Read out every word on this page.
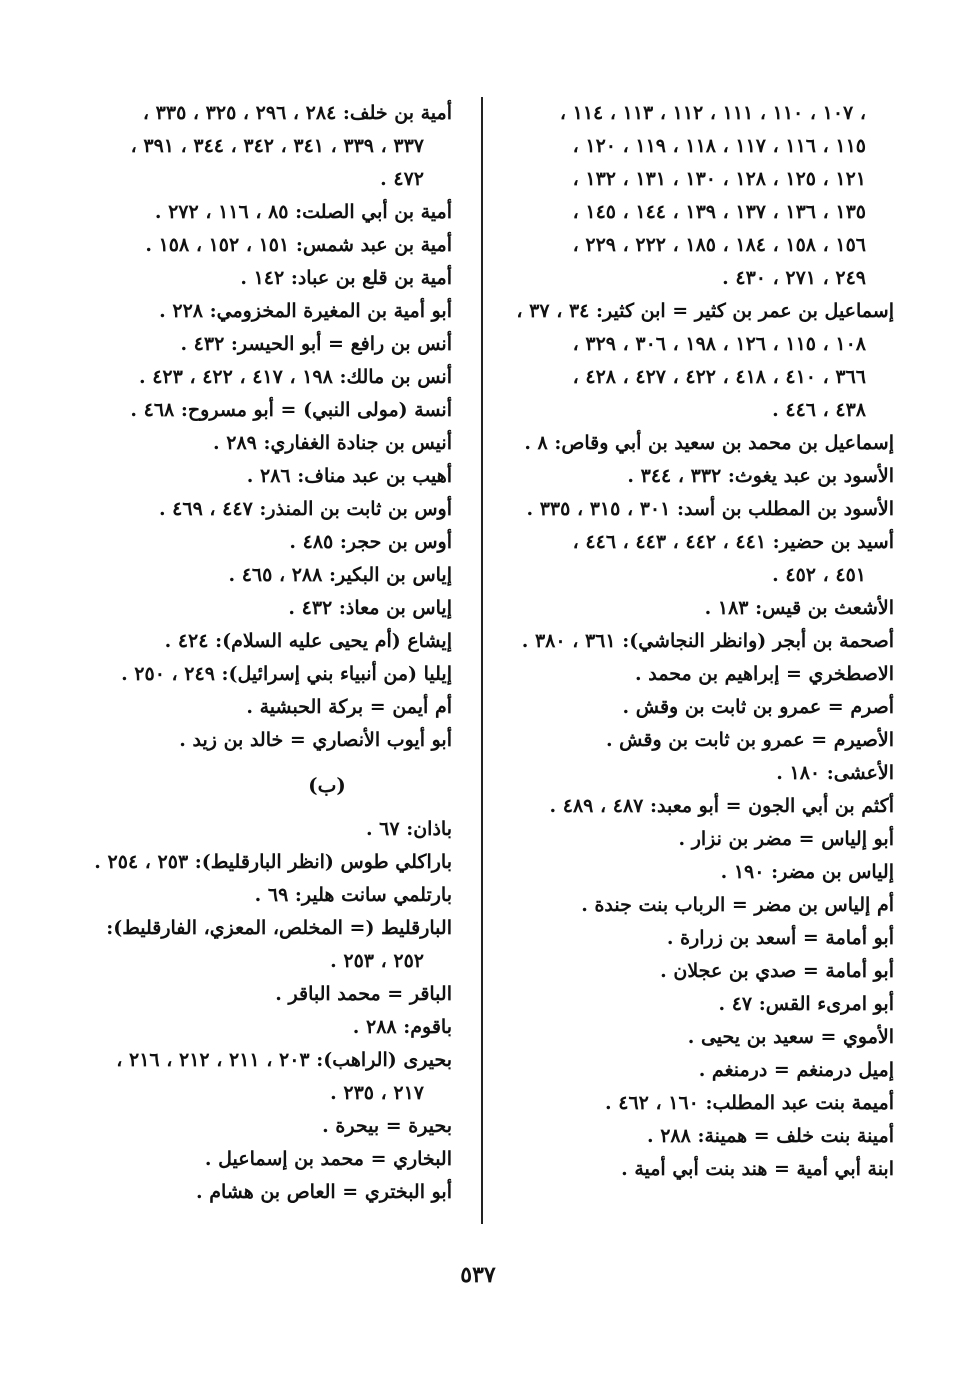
، ١٠٧ ، ١١٠ ، ١١١ ، ١١٢ ، ١١٣ ، ١١٤ ،
١١٥ ، ١١٦ ، ١١٧ ، ١١٨ ، ١١٩ ، ١٢٠ ،
١٢١ ، ١٢٥ ، ١٢٨ ، ١٣٠ ، ١٣١ ، ١٣٢ ،
١٣٥ ، ١٣٦ ، ١٣٧ ، ١٣٩ ، ١٤٤ ، ١٤٥ ،
١٥٦ ، ١٥٨ ، ١٨٤ ، ١٨٥ ، ٢٢٢ ، ٢٢٩ ،
٢٤٩ ، ٢٧١ ، ٤٣٠ .
إسماعيل بن عمر بن كثير = ابن كثير: ٣٤ ، ٣٧ ،
١٠٨ ، ١١٥ ، ١٢٦ ، ١٩٨ ، ٣٠٦ ، ٣٢٩ ،
٣٦٦ ، ٤١٠ ، ٤١٨ ، ٤٢٢ ، ٤٢٧ ، ٤٢٨ ،
٤٣٨ ، ٤٤٦ .
إسماعيل بن محمد بن سعيد بن أبي وقاص: ٨ .
الأسود بن عبد يغوث: ٣٣٢ ، ٣٤٤ .
الأسود بن المطلب بن أسد: ٣٠١ ، ٣١٥ ، ٣٣٥ .
أسيد بن حضير: ٤٤١ ، ٤٤٢ ، ٤٤٣ ، ٤٤٦ ،
٤٥١ ، ٤٥٢ .
الأشعث بن قيس: ١٨٣ .
أصحمة بن أبجر (وانظر النجاشي): ٣٦١ ، ٣٨٠ .
الاصطخري = إبراهيم بن محمد .
أصرم = عمرو بن ثابت بن وقش .
الأصيرم = عمرو بن ثابت بن وقش .
الأعشى: ١٨٠ .
أكثم بن أبي الجون = أبو معبد: ٤٨٧ ، ٤٨٩ .
أبو إلياس = مضر بن نزار .
إلياس بن مضر: ١٩٠ .
أم إلياس بن مضر = الرباب بنت جندة .
أبو أمامة = أسعد بن زرارة .
أبو أمامة = صدي بن عجلان .
أبو امرىء القس: ٤٧ .
الأموي = سعيد بن يحيى .
إميل درمنغم = درمنغم .
أميمة بنت عبد المطلب: ١٦٠ ، ٤٦٢ .
أمينة بنت خلف = همينة: ٢٨٨ .
ابنة أبي أمية = هند بنت أبي أمية .
أمية بن خلف: ٢٨٤ ، ٢٩٦ ، ٣٢٥ ، ٣٣٥ ،
٣٣٧ ، ٣٣٩ ، ٣٤١ ، ٣٤٢ ، ٣٤٤ ، ٣٩١ ،
٤٧٢ .
أمية بن أبي الصلت: ٨٥ ، ١١٦ ، ٢٧٢ .
أمية بن عبد شمس: ١٥١ ، ١٥٢ ، ١٥٨ .
أمية بن قلع بن عباد: ١٤٢ .
أبو أمية بن المغيرة المخزومي: ٢٢٨ .
أنس بن رافع = أبو الحيسر: ٤٣٢ .
أنس بن مالك: ١٩٨ ، ٤١٧ ، ٤٢٢ ، ٤٢٣ .
أنسة (مولى النبي) = أبو مسروح: ٤٦٨ .
أنيس بن جنادة الغفاري: ٢٨٩ .
أهيب بن عبد مناف: ٢٨٦ .
أوس بن ثابت بن المنذر: ٤٤٧ ، ٤٦٩ .
أوس بن حجر: ٤٨٥ .
إياس بن البكير: ٢٨٨ ، ٤٦٥ .
إياس بن معاذ: ٤٣٢ .
إيشاع (أم يحيى عليه السلام): ٤٢٤ .
إيليا (من أنبياء بني إسرائيل): ٢٤٩ ، ٢٥٠ .
أم أيمن = بركة الحبشية .
أبو أيوب الأنصاري = خالد بن زيد .
(ب)
باذان: ٦٧ .
باراكلي طوس (انظر البارقليط): ٢٥٣ ، ٢٥٤ .
بارتلمي سانت هلير: ٦٩ .
البارقليط (= المخلص، المعزي، الفارقليط):
٢٥٢ ، ٢٥٣ .
الباقر = محمد الباقر .
باقوم: ٢٨٨ .
بحيرى (الراهب): ٢٠٣ ، ٢١١ ، ٢١٢ ، ٢١٦ ،
٢١٧ ، ٢٣٥ .
بحيرة = بيحرة .
البخاري = محمد بن إسماعيل .
أبو البختري = العاص بن هشام .
٥٣٧
